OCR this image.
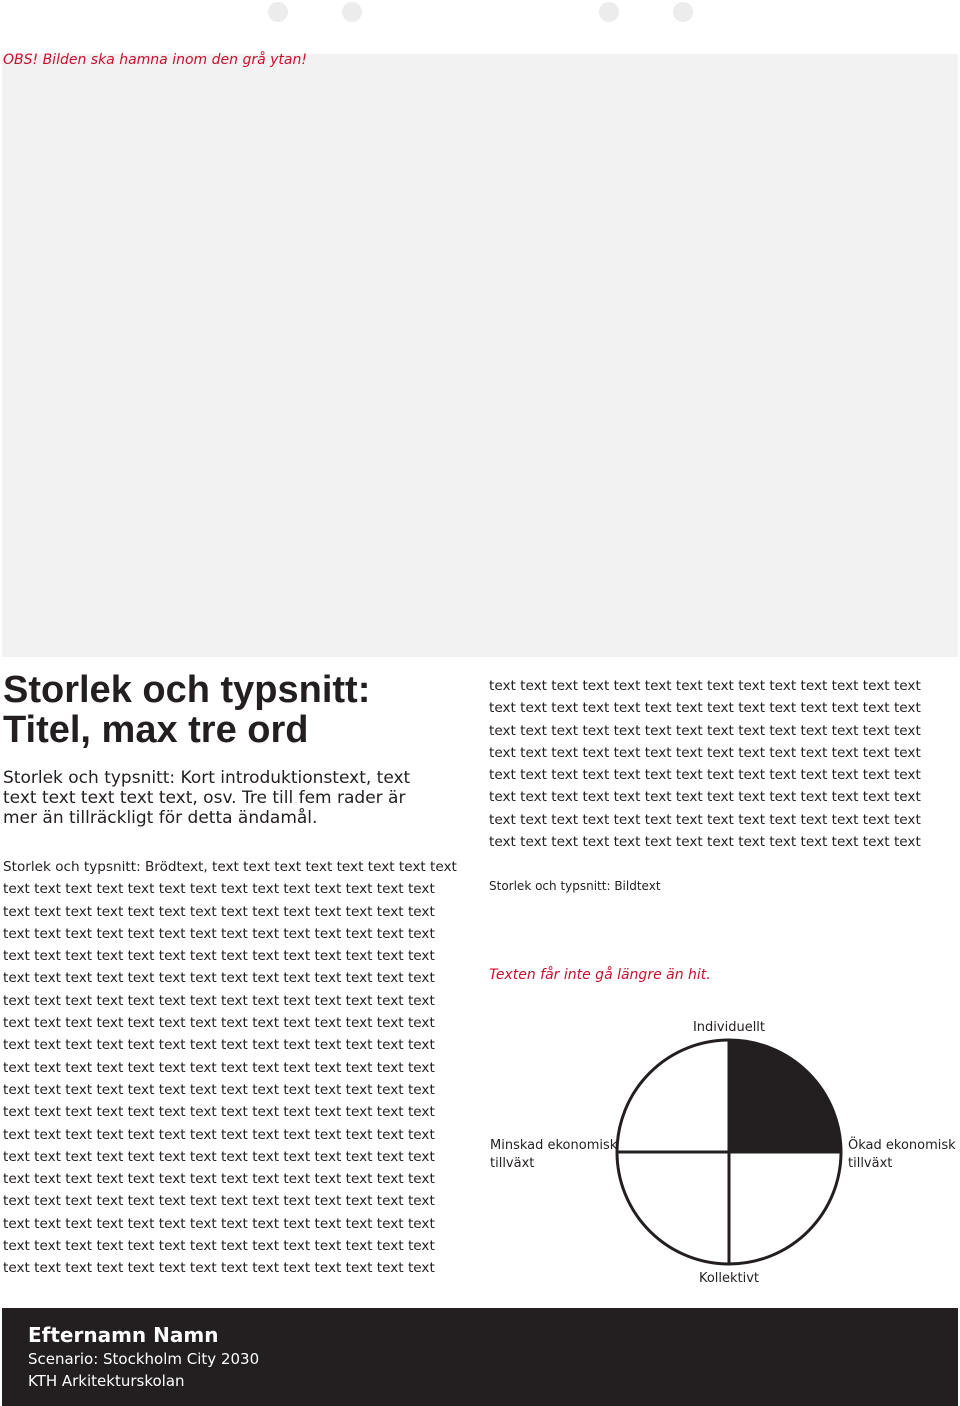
OBS! Bilden ska hamna inom den grå ytan!
Storlek och typsnitt:
Titel, max tre ord
Storlek och typsnitt: Kort introduktionstext, text
text text text text text, osv. Tre till fem rader är
mer än tillräckligt för detta ändamål.
Storlek och typsnitt: Brödtext, text text text text text text text text
text text text text text text text text text text text text text text
text text text text text text text text text text text text text text
text text text text text text text text text text text text text text
text text text text text text text text text text text text text text
text text text text text text text text text text text text text text
text text text text text text text text text text text text text text
text text text text text text text text text text text text text text
text text text text text text text text text text text text text text
text text text text text text text text text text text text text text
text text text text text text text text text text text text text text
text text text text text text text text text text text text text text
text text text text text text text text text text text text text text
text text text text text text text text text text text text text text
text text text text text text text text text text text text text text
text text text text text text text text text text text text text text
text text text text text text text text text text text text text text
text text text text text text text text text text text text text text
text text text text text text text text text text text text text text
text text text text text text text text text text text text text text
text text text text text text text text text text text text text text
text text text text text text text text text text text text text text
text text text text text text text text text text text text text text
text text text text text text text text text text text text text text
text text text text text text text text text text text text text text
text text text text text text text text text text text text text text
text text text text text text text text text text text text text text
Storlek och typsnitt: Bildtext
Texten får inte gå längre än hit.
Individuellt
Kollektivt
Minskad ekonomisk
tillväxt
Ökad ekonomisk
tillväxt
Efternamn Namn
Scenario: Stockholm City 2030
KTH Arkitekturskolan
